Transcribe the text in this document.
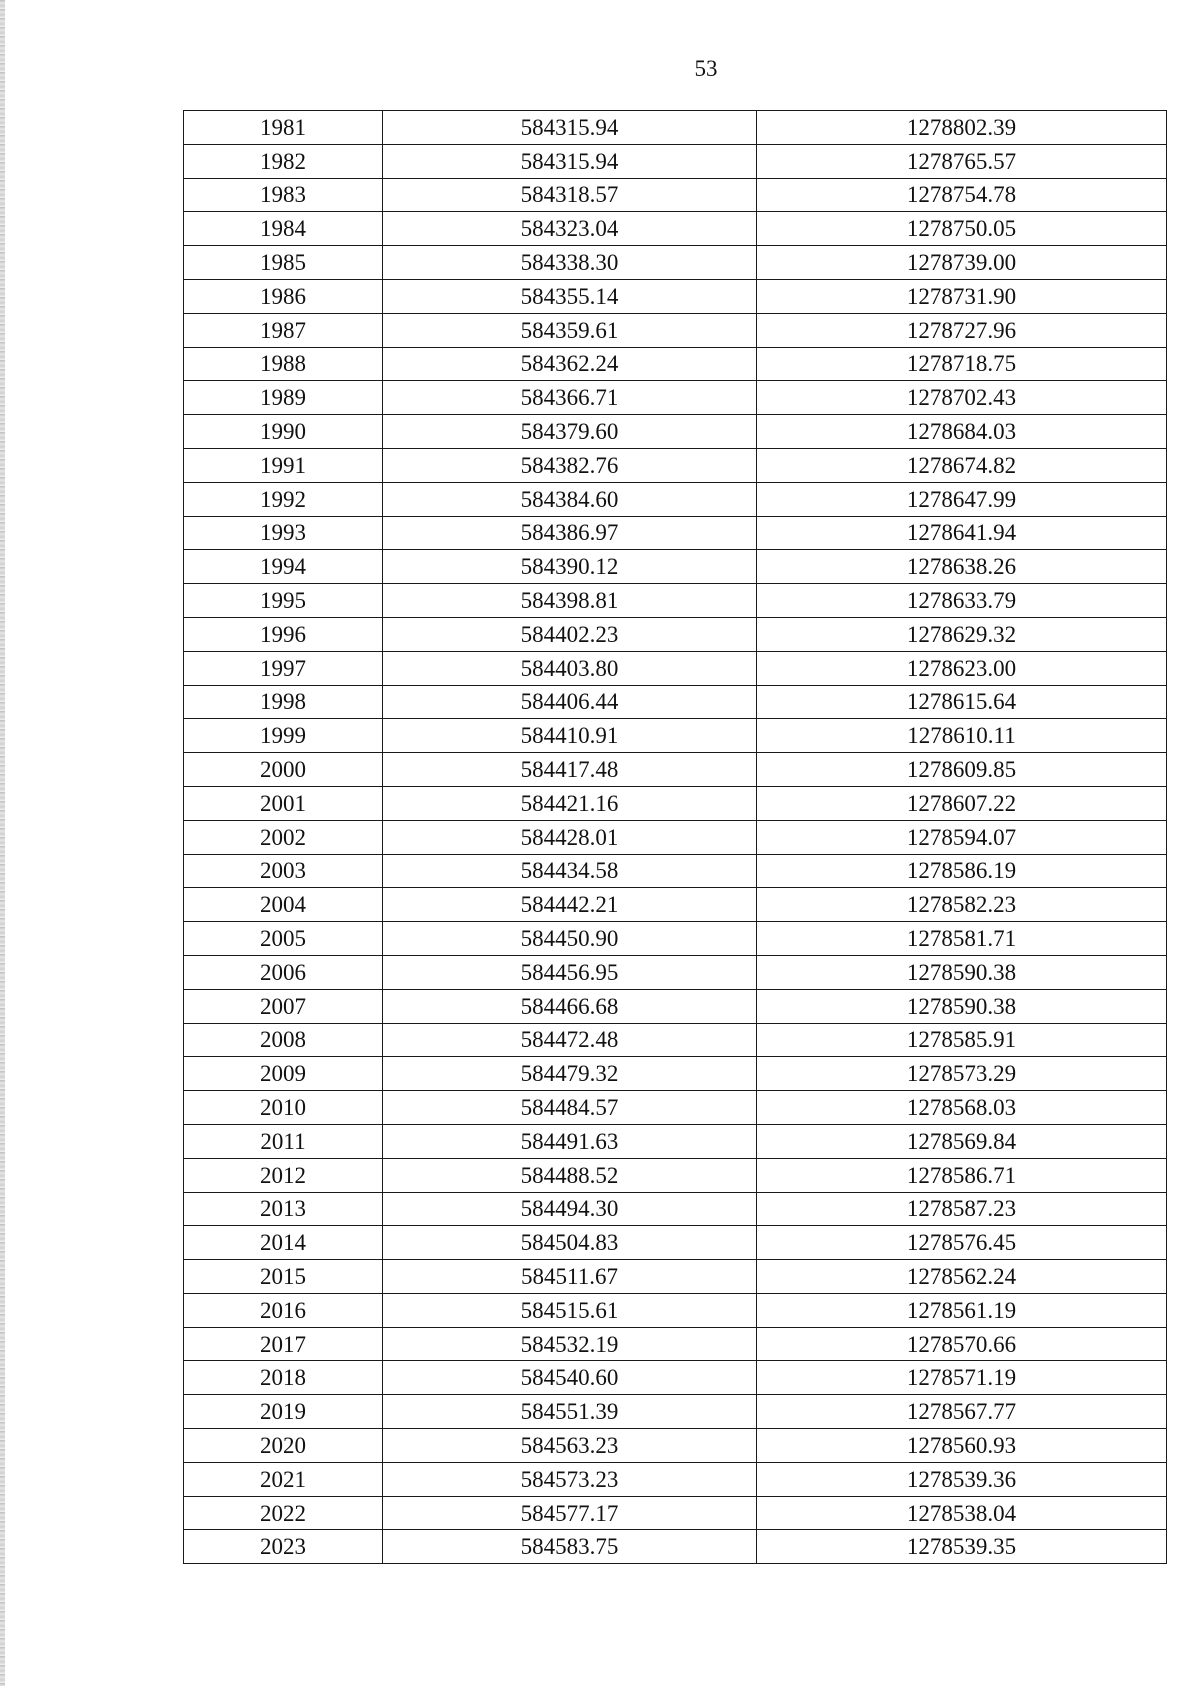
53
1981	584315.94	1278802.39
1982	584315.94	1278765.57
1983	584318.57	1278754.78
1984	584323.04	1278750.05
1985	584338.30	1278739.00
1986	584355.14	1278731.90
1987	584359.61	1278727.96
1988	584362.24	1278718.75
1989	584366.71	1278702.43
1990	584379.60	1278684.03
1991	584382.76	1278674.82
1992	584384.60	1278647.99
1993	584386.97	1278641.94
1994	584390.12	1278638.26
1995	584398.81	1278633.79
1996	584402.23	1278629.32
1997	584403.80	1278623.00
1998	584406.44	1278615.64
1999	584410.91	1278610.11
2000	584417.48	1278609.85
2001	584421.16	1278607.22
2002	584428.01	1278594.07
2003	584434.58	1278586.19
2004	584442.21	1278582.23
2005	584450.90	1278581.71
2006	584456.95	1278590.38
2007	584466.68	1278590.38
2008	584472.48	1278585.91
2009	584479.32	1278573.29
2010	584484.57	1278568.03
2011	584491.63	1278569.84
2012	584488.52	1278586.71
2013	584494.30	1278587.23
2014	584504.83	1278576.45
2015	584511.67	1278562.24
2016	584515.61	1278561.19
2017	584532.19	1278570.66
2018	584540.60	1278571.19
2019	584551.39	1278567.77
2020	584563.23	1278560.93
2021	584573.23	1278539.36
2022	584577.17	1278538.04
2023	584583.75	1278539.35
